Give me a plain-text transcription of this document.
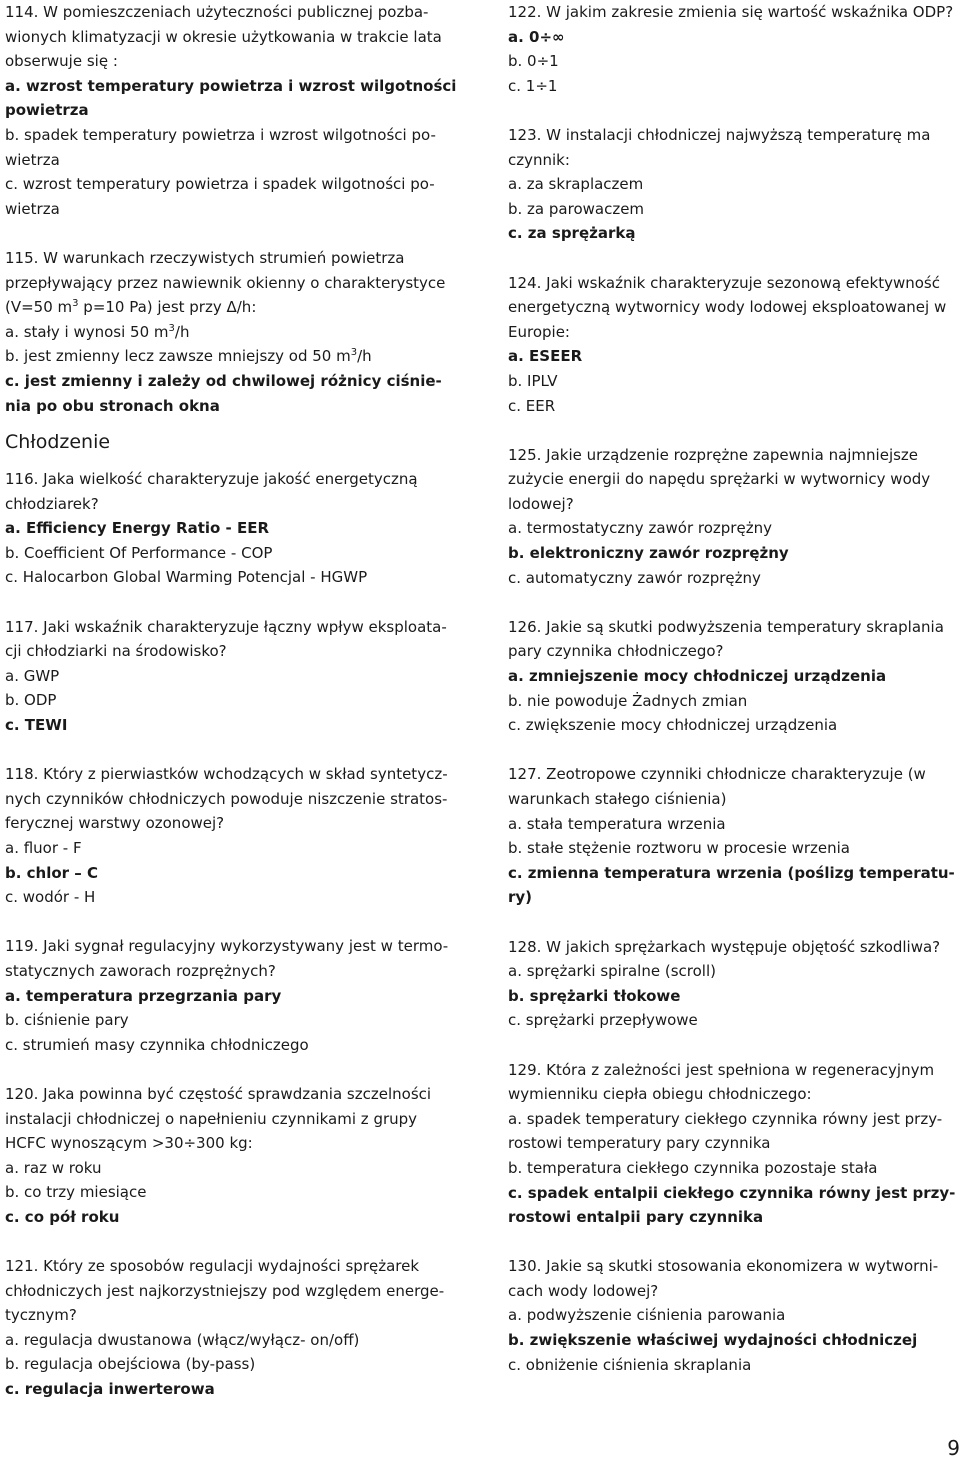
114. W pomieszczeniach użyteczności publicznej pozba-
wionych klimatyzacji w okresie użytkowania w trakcie lata
obserwuje się :
a. wzrost temperatury powietrza i wzrost wilgotności
powietrza
b. spadek temperatury powietrza i wzrost wilgotności po-
wietrza
c. wzrost temperatury powietrza i spadek wilgotności po-
wietrza
115. W warunkach rzeczywistych strumień powietrza
przepływający przez nawiewnik okienny o charakterystyce
(V=50 $m^3$ p=10 Pa) jest przy Δ/h:
a. stały i wynosi 50 $m^3/h$
b. jest zmienny lecz zawsze mniejszy od 50 $m^3/h$
c. jest zmienny i zależy od chwilowej różnicy ciśnie-
nia po obu stronach okna
Chłodzenie
116. Jaka wielkość charakteryzuje jakość energetyczną
chłodziarek?
a. Efficiency Energy Ratio - EER
b. Coefficient Of Performance - COP
c. Halocarbon Global Warming Potencjal - HGWP
117. Jaki wskaźnik charakteryzuje łączny wpływ eksploata-
cji chłodziarki na środowisko?
a. GWP
b. ODP
c. TEWI
118. Który z pierwiastków wchodzących w skład syntetycz-
nych czynników chłodniczych powoduje niszczenie stratos-
ferycznej warstwy ozonowej?
a. fluor - F
b. chlor – C
c. wodór - H
119. Jaki sygnał regulacyjny wykorzystywany jest w termo-
statycznych zaworach rozprężnych?
a. temperatura przegrzania pary
b. ciśnienie pary
c. strumień masy czynnika chłodniczego
120. Jaka powinna być częstość sprawdzania szczelności
instalacji chłodniczej o napełnieniu czynnikami z grupy
HCFC wynoszącym >30÷300 kg:
a. raz w roku
b. co trzy miesiące
c. co pół roku
121. Który ze sposobów regulacji wydajności sprężarek
chłodniczych jest najkorzystniejszy pod względem energe-
tycznym?
a. regulacja dwustanowa (włącz/wyłącz- on/off)
b. regulacja obejściowa (by-pass)
c. regulacja inwerterowa
122. W jakim zakresie zmienia się wartość wskaźnika ODP?
a. 0÷∞
b. 0÷1
c. 1÷1
123. W instalacji chłodniczej najwyższą temperaturę ma
czynnik:
a. za skraplaczem
b. za parowaczem
c. za sprężarką
124. Jaki wskaźnik charakteryzuje sezonową efektywność
energetyczną wytwornicy wody lodowej eksploatowanej w
Europie:
a. ESEER
b. IPLV
c. EER
125. Jakie urządzenie rozprężne zapewnia najmniejsze
zużycie energii do napędu sprężarki w wytwornicy wody
lodowej?
a. termostatyczny zawór rozprężny
b. elektroniczny zawór rozprężny
c. automatyczny zawór rozprężny
126. Jakie są skutki podwyższenia temperatury skraplania
pary czynnika chłodniczego?
a. zmniejszenie mocy chłodniczej urządzenia
b. nie powoduje Żadnych zmian
c. zwiększenie mocy chłodniczej urządzenia
127. Zeotropowe czynniki chłodnicze charakteryzuje (w
warunkach stałego ciśnienia)
a. stała temperatura wrzenia
b. stałe stężenie roztworu w procesie wrzenia
c. zmienna temperatura wrzenia (poślizg temperatu-
ry)
128. W jakich sprężarkach występuje objętość szkodliwa?
a. sprężarki spiralne (scroll)
b. sprężarki tłokowe
c. sprężarki przepływowe
129. Która z zależności jest spełniona w regeneracyjnym
wymienniku ciepła obiegu chłodniczego:
a. spadek temperatury ciekłego czynnika równy jest przy-
rostowi temperatury pary czynnika
b. temperatura ciekłego czynnika pozostaje stała
c. spadek entalpii ciekłego czynnika równy jest przy-
rostowi entalpii pary czynnika
130. Jakie są skutki stosowania ekonomizera w wytworni-
cach wody lodowej?
a. podwyższenie ciśnienia parowania
b. zwiększenie właściwej wydajności chłodniczej
c. obniżenie ciśnienia skraplania
9
